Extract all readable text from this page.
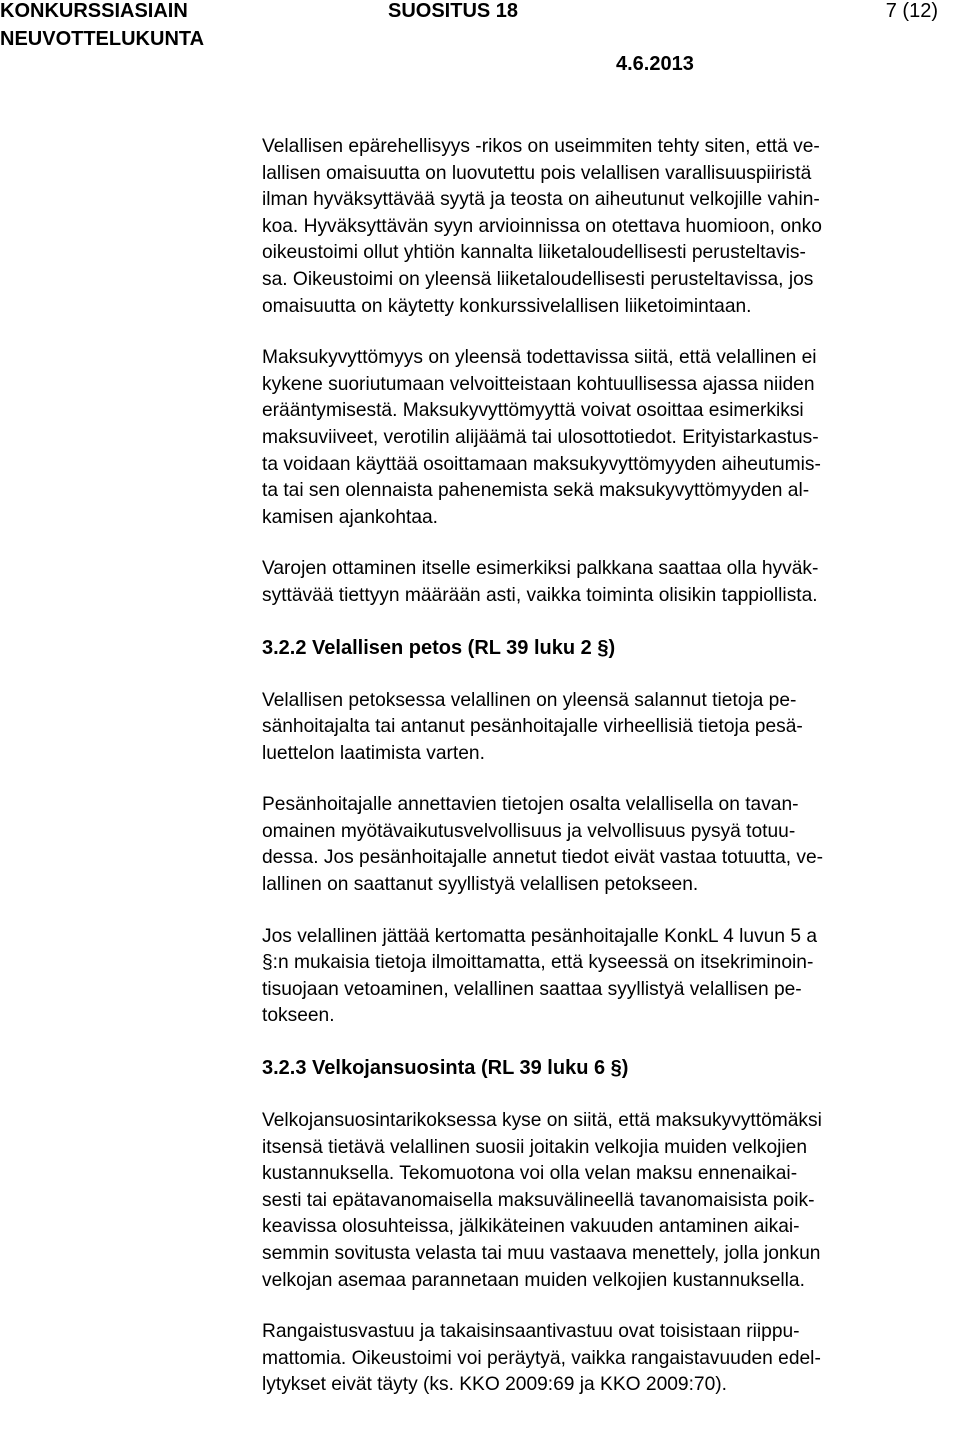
KONKURSSIASIAIN
NEUVOTTELUKUNTA
SUOSITUS 18	7 (12)
4.6.2013
Velallisen epärehellisyys -rikos on useimmiten tehty siten, että ve-
lallisen omaisuutta on luovutettu pois velallisen varallisuuspiiristä
ilman hyväksyttävää syytä ja teosta on aiheutunut velkojille vahin-
koa. Hyväksyttävän syyn arvioinnissa on otettava huomioon, onko
oikeustoimi ollut yhtiön kannalta liiketaloudellisesti perusteltavis-
sa. Oikeustoimi on yleensä liiketaloudellisesti perusteltavissa, jos
omaisuutta on käytetty konkurssivelallisen liiketoimintaan.
Maksukyvyttömyys on yleensä todettavissa siitä, että velallinen ei
kykene suoriutumaan velvoitteistaan kohtuullisessa ajassa niiden
erääntymisestä. Maksukyvyttömyyttä voivat osoittaa esimerkiksi
maksuviiveet, verotilin alijäämä tai ulosottotiedot. Erityistarkastus-
ta voidaan käyttää osoittamaan maksukyvyttömyyden aiheutumis-
ta tai sen olennaista pahenemista sekä maksukyvyttömyyden al-
kamisen ajankohtaa.
Varojen ottaminen itselle esimerkiksi palkkana saattaa olla hyväk-
syttävää tiettyyn määrään asti, vaikka toiminta olisikin tappiollista.
3.2.2 Velallisen petos (RL 39 luku 2 §)
Velallisen petoksessa velallinen on yleensä salannut tietoja pe-
sänhoitajalta tai antanut pesänhoitajalle virheellisiä tietoja pesä-
luettelon laatimista varten.
Pesänhoitajalle annettavien tietojen osalta velallisella on tavan-
omainen myötävaikutusvelvollisuus ja velvollisuus pysyä totuu-
dessa. Jos pesänhoitajalle annetut tiedot eivät vastaa totuutta, ve-
lallinen on saattanut syyllistyä velallisen petokseen.
Jos velallinen jättää kertomatta pesänhoitajalle KonkL 4 luvun 5 a
§:n mukaisia tietoja ilmoittamatta, että kyseessä on itsekriminoin-
tisuojaan vetoaminen, velallinen saattaa syyllistyä velallisen pe-
tokseen.
3.2.3 Velkojansuosinta (RL 39 luku 6 §)
Velkojansuosintarikoksessa kyse on siitä, että maksukyvyttömäksi
itsensä tietävä velallinen suosii joitakin velkojia muiden velkojien
kustannuksella. Tekomuotona voi olla velan maksu ennenaikai-
sesti tai epätavanomaisella maksuvälineellä tavanomaisista poik-
keavissa olosuhteissa, jälkikäteinen vakuuden antaminen aikai-
semmin sovitusta velasta tai muu vastaava menettely, jolla jonkun
velkojan asemaa parannetaan muiden velkojien kustannuksella.
Rangaistusvastuu ja takaisinsaantivastuu ovat toisistaan riippu-
mattomia. Oikeustoimi voi peräytyä, vaikka rangaistavuuden edel-
lytykset eivät täyty (ks. KKO 2009:69 ja KKO 2009:70).
